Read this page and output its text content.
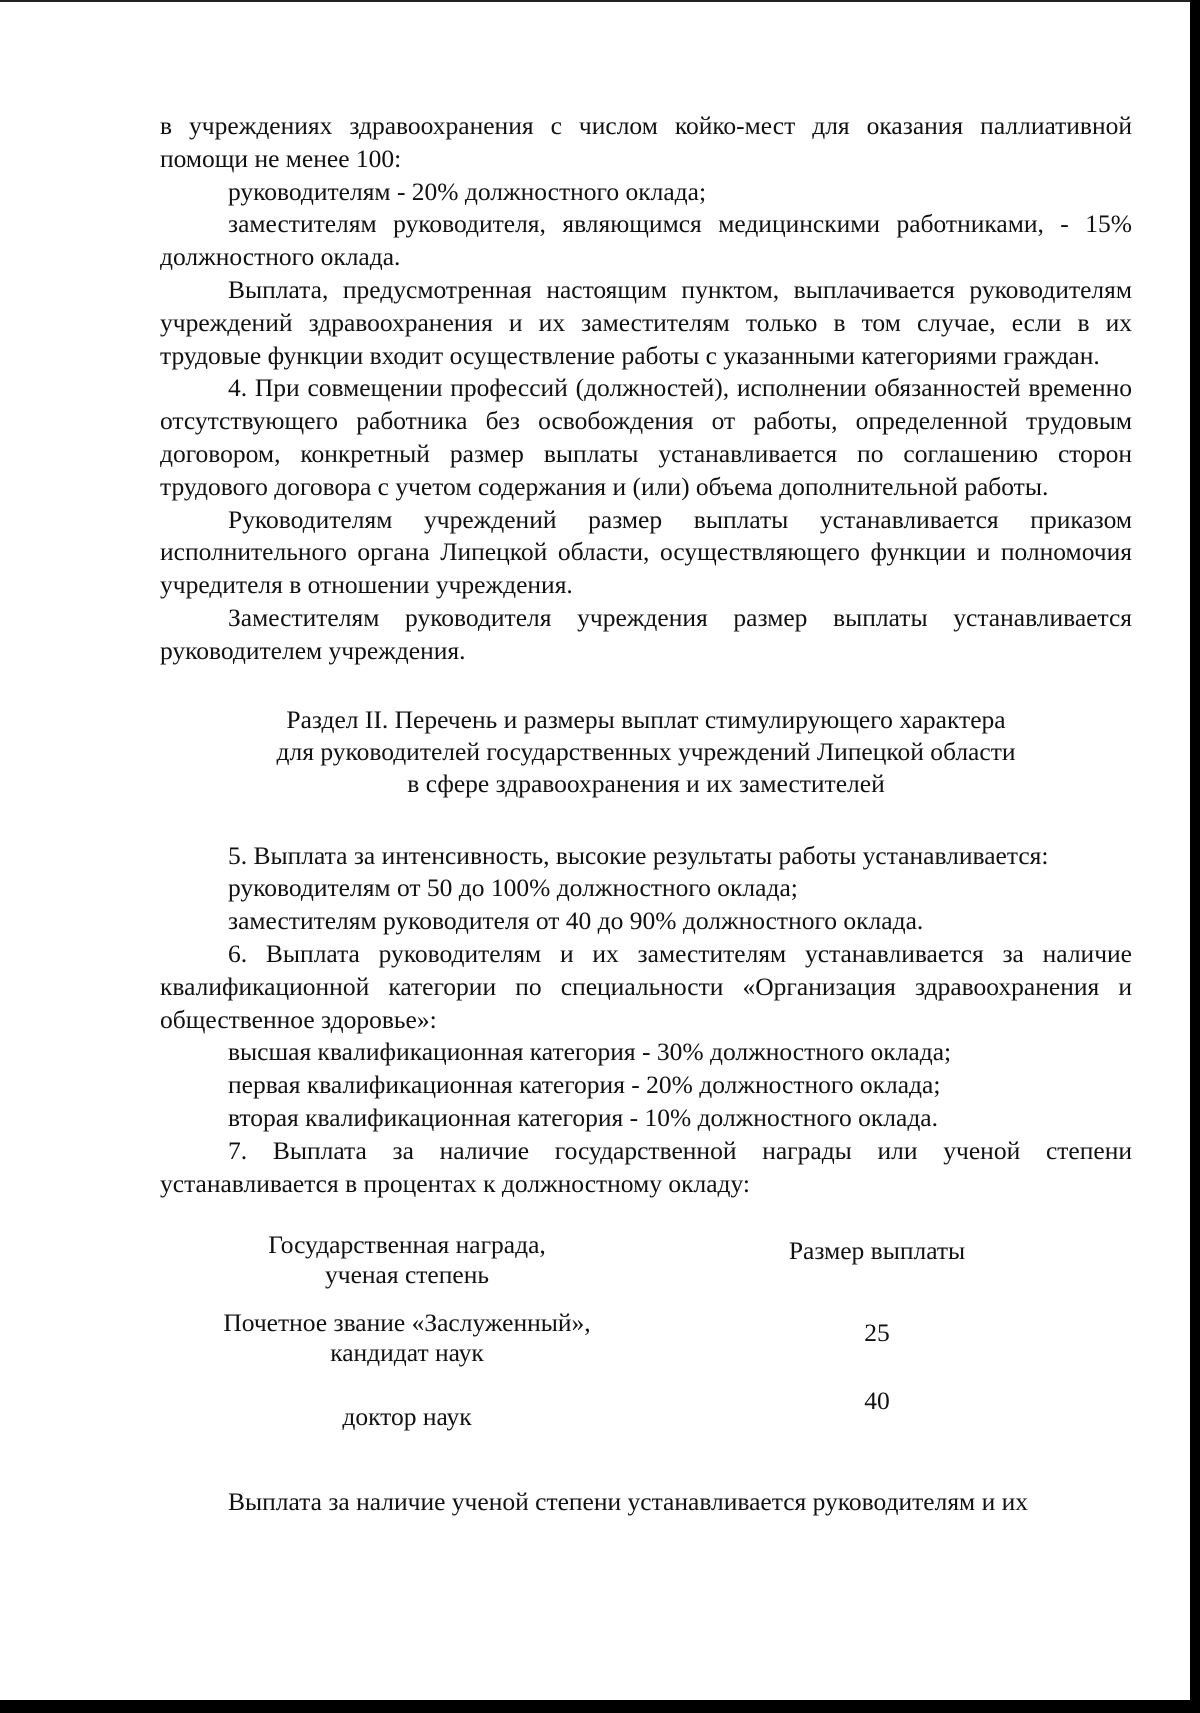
в учреждениях здравоохранения с числом койко-мест для оказания паллиативной помощи не менее 100:

руководителям - 20% должностного оклада;

заместителям руководителя, являющимся медицинскими работниками, - 15% должностного оклада.

Выплата, предусмотренная настоящим пунктом, выплачивается руководителям учреждений здравоохранения и их заместителям только в том случае, если в их трудовые функции входит осуществление работы с указанными категориями граждан.

4. При совмещении профессий (должностей), исполнении обязанностей временно отсутствующего работника без освобождения от работы, определенной трудовым договором, конкретный размер выплаты устанавливается по соглашению сторон трудового договора с учетом содержания и (или) объема дополнительной работы.

Руководителям учреждений размер выплаты устанавливается приказом исполнительного органа Липецкой области, осуществляющего функции и полномочия учредителя в отношении учреждения.

Заместителям руководителя учреждения размер выплаты устанавливается руководителем учреждения.

Раздел II. Перечень и размеры выплат стимулирующего характера
для руководителей государственных учреждений Липецкой области
в сфере здравоохранения и их заместителей

5. Выплата за интенсивность, высокие результаты работы устанавливается:

руководителям от 50 до 100% должностного оклада;

заместителям руководителя от 40 до 90% должностного оклада.

6. Выплата руководителям и их заместителям устанавливается за наличие квалификационной категории по специальности «Организация здравоохранения и общественное здоровье»:

высшая квалификационная категория - 30% должностного оклада;

первая квалификационная категория - 20% должностного оклада;

вторая квалификационная категория - 10% должностного оклада.

7. Выплата за наличие государственной награды или ученой степени устанавливается в процентах к должностному окладу:

Государственная награда,
ученая степень	Размер выплаты

Почетное звание «Заслуженный»,
кандидат наук	25

доктор наук	40

Выплата за наличие ученой степени устанавливается руководителям и их
